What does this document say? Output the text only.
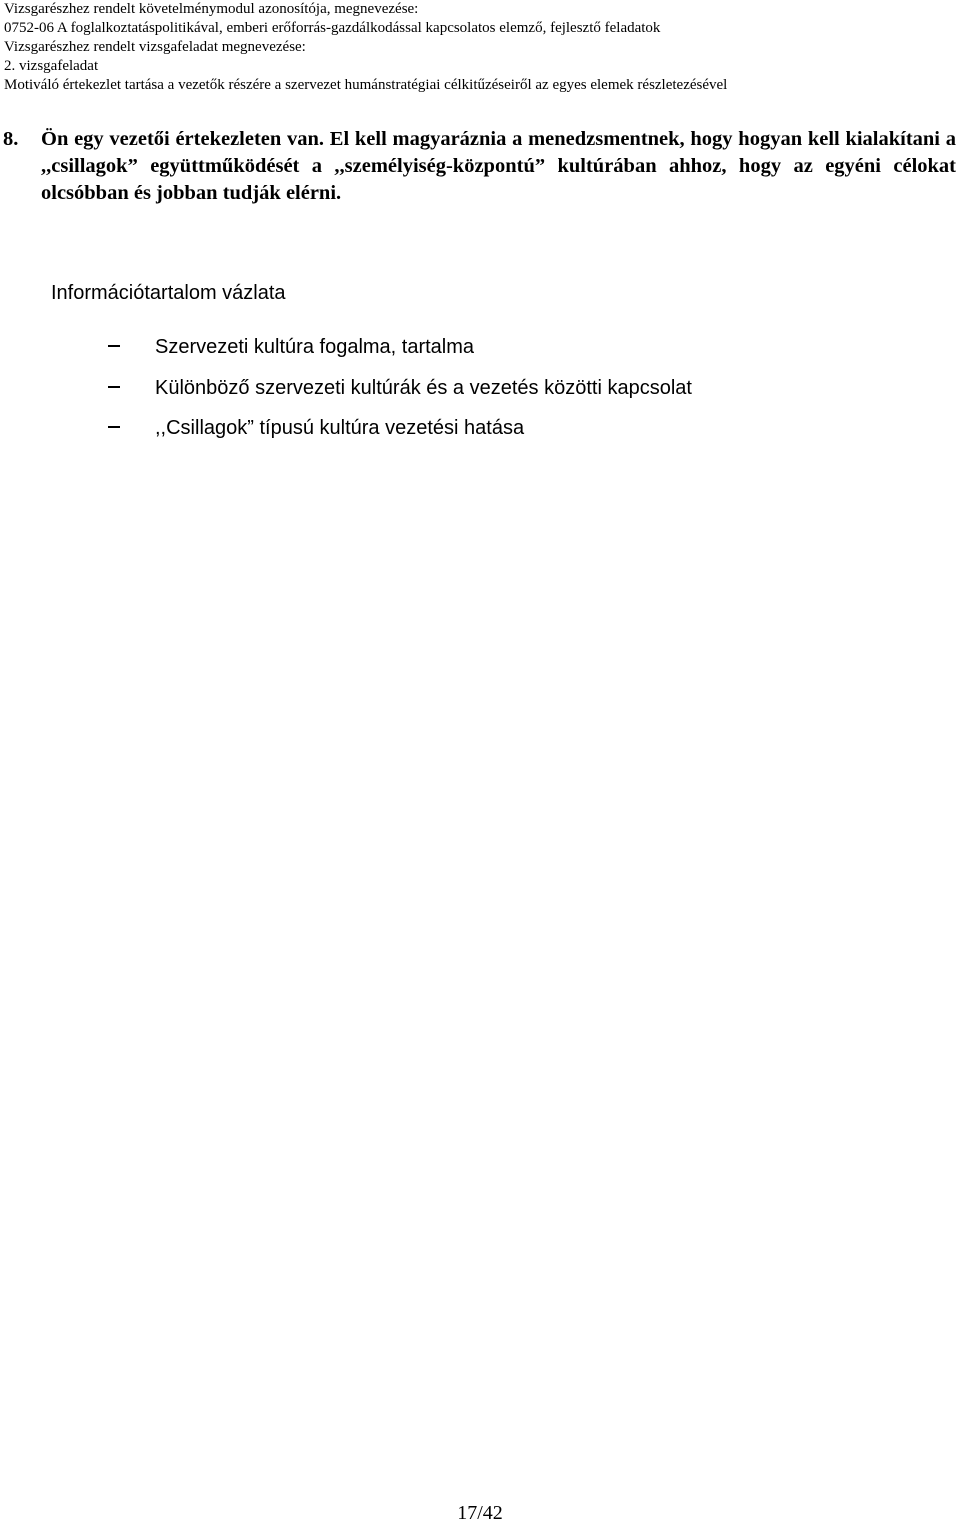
Vizsgarészhez rendelt követelménymodul azonosítója, megnevezése:
0752-06 A foglalkoztatáspolitikával, emberi erőforrás-gazdálkodással kapcsolatos elemző, fejlesztő feladatok
Vizsgarészhez rendelt vizsgafeladat megnevezése:
2. vizsgafeladat
Motiváló értekezlet tartása a vezetők részére a szervezet humánstratégiai célkitűzéseiről az egyes elemek részletezésével
8. Ön egy vezetői értekezleten van. El kell magyaráznia a menedzsmentnek, hogy hogyan kell kialakítani a ,,csillagok” együttműködését a ,,személyiség-központú” kultúrában ahhoz, hogy az egyéni célokat olcsóbban és jobban tudják elérni.
Információtartalom vázlata
Szervezeti kultúra fogalma, tartalma
Különböző szervezeti kultúrák és a vezetés közötti kapcsolat
,,Csillagok” típusú kultúra vezetési hatása
17/42
